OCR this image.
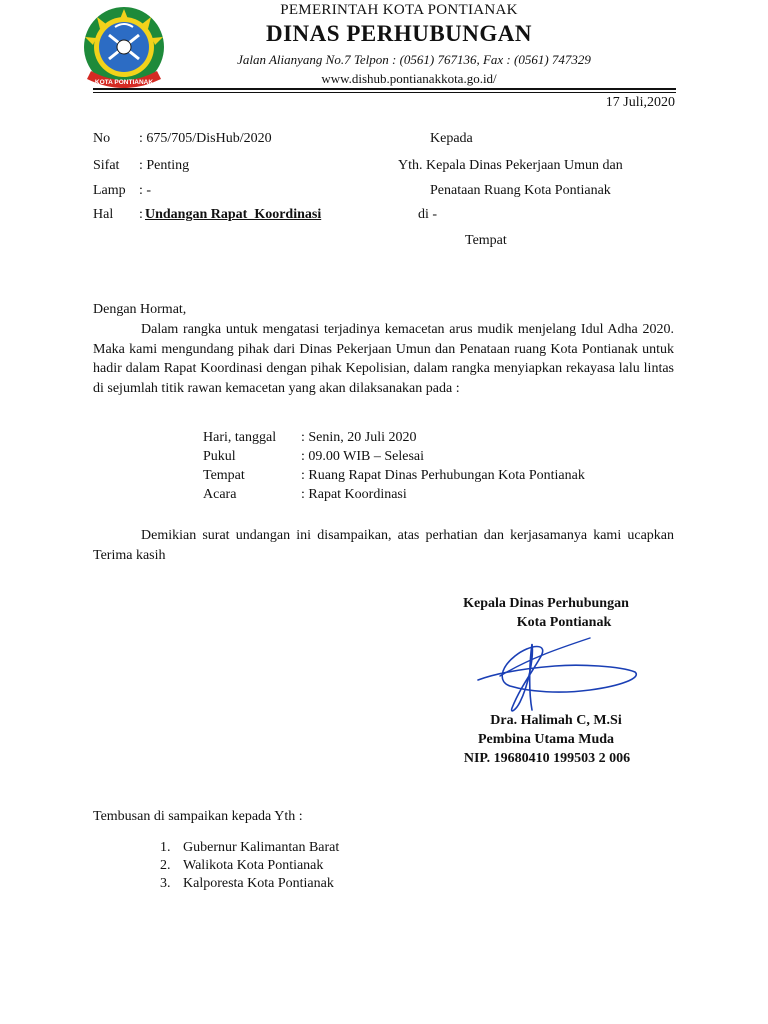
KOTA PONTIANAK
PEMERINTAH KOTA PONTIANAK
DINAS PERHUBUNGAN
Jalan Alianyang No.7 Telpon : (0561) 767136, Fax : (0561) 747329
www.dishub.pontianakkota.go.id/
17 Juli,2020
No : 675/705/DisHub/2020
Sifat : Penting
Lamp : -
Hal : Undangan Rapat  Koordinasi
Kepada
Yth. Kepala Dinas Pekerjaan Umun dan
Penataan Ruang Kota Pontianak
di -
Tempat
Dengan Hormat,
Dalam rangka untuk mengatasi terjadinya kemacetan arus mudik menjelang Idul Adha 2020. Maka kami mengundang pihak dari Dinas Pekerjaan Umun dan Penataan ruang Kota Pontianak untuk hadir dalam Rapat Koordinasi dengan pihak Kepolisian, dalam rangka menyiapkan rekayasa lalu lintas di sejumlah titik rawan kemacetan yang akan dilaksanakan pada :
Hari, tanggal : Senin, 20 Juli 2020
Pukul	: 09.00 WIB – Selesai
Tempat	: Ruang Rapat Dinas Perhubungan Kota Pontianak
Acara	: Rapat Koordinasi
Demikian surat undangan ini disampaikan, atas perhatian dan kerjasamanya kami ucapkan Terima kasih
Kepala Dinas Perhubungan
Kota Pontianak
Dra. Halimah C, M.Si
Pembina Utama Muda
NIP. 19680410 199503 2 006
Tembusan di sampaikan kepada Yth :
1. Gubernur Kalimantan Barat
2. Walikota Kota Pontianak
3. Kalporesta Kota Pontianak
